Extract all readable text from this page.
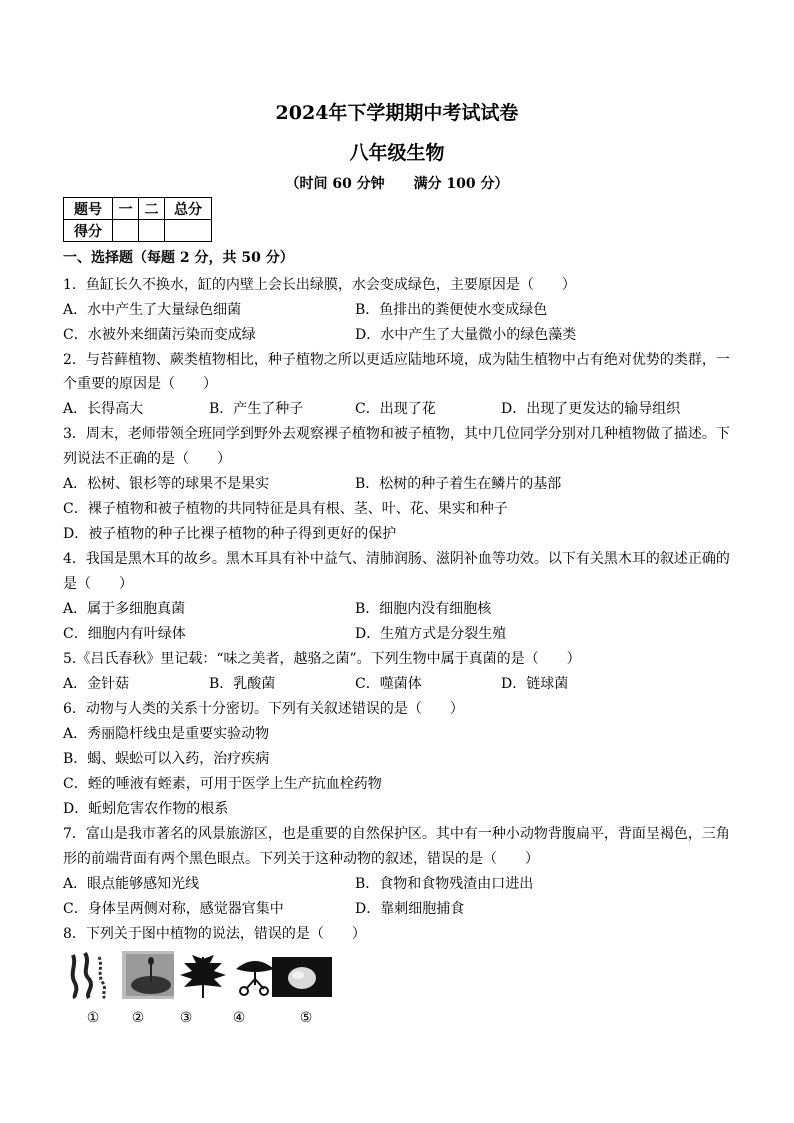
2024年下学期期中考试试卷
八年级生物
（时间 60 分钟 满分 100 分）
题号	一	二	总分
得分			
一、选择题（每题 2 分，共 50 分）
1．鱼缸长久不换水，缸的内壁上会长出绿膜，水会变成绿色，主要原因是（　　）
A．水中产生了大量绿色细菌	B．鱼排出的粪便使水变成绿色
C．水被外来细菌污染而变成绿	D．水中产生了大量微小的绿色藻类
2．与苔藓植物、蕨类植物相比，种子植物之所以更适应陆地环境，成为陆生植物中占有绝对优势的类群，一
个重要的原因是（　　）
A．长得高大	B．产生了种子	C．出现了花	D．出现了更发达的输导组织
3．周末，老师带领全班同学到野外去观察裸子植物和被子植物，其中几位同学分别对几种植物做了描述。下
列说法不正确的是（　　）
A．松树、银杉等的球果不是果实	B．松树的种子着生在鳞片的基部
C．裸子植物和被子植物的共同特征是具有根、茎、叶、花、果实和种子
D．被子植物的种子比裸子植物的种子得到更好的保护
4．我国是黑木耳的故乡。黑木耳具有补中益气、清肺润肠、滋阴补血等功效。以下有关黑木耳的叙述正确的
是（　　）
A．属于多细胞真菌	B．细胞内没有细胞核
C．细胞内有叶绿体	D．生殖方式是分裂生殖
5.《吕氏春秋》里记载：“味之美者，越骆之菌”。下列生物中属于真菌的是（　　）
A．金针菇	B．乳酸菌	C．噬菌体	D．链球菌
6．动物与人类的关系十分密切。下列有关叙述错误的是（　　）
A．秀丽隐杆线虫是重要实验动物
B．蝎、蜈蚣可以入药，治疗疾病
C．蛭的唾液有蛭素，可用于医学上生产抗血栓药物
D．蚯蚓危害农作物的根系
7．富山是我市著名的风景旅游区，也是重要的自然保护区。其中有一种小动物背腹扁平，背面呈褐色，三角
形的前端背面有两个黑色眼点。下列关于这种动物的叙述，错误的是（　　）
A．眼点能够感知光线	B．食物和食物残渣由口进出
C．身体呈两侧对称，感觉器官集中	D．靠刺细胞捕食
8．下列关于图中植物的说法，错误的是（　　）
①	②	③	④	⑤
